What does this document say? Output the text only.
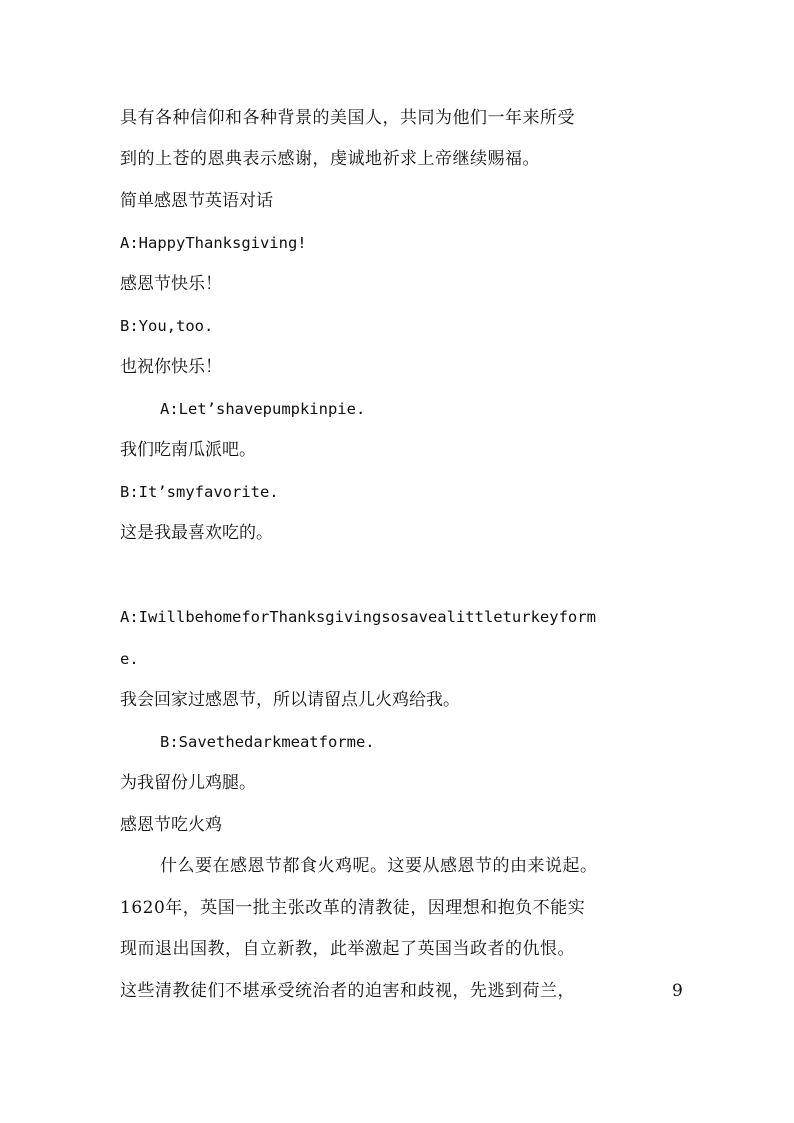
具有各种信仰和各种背景的美国人，共同为他们一年来所受
到的上苍的恩典表示感谢，虔诚地祈求上帝继续赐福。
简单感恩节英语对话
A:HappyThanksgiving!
感恩节快乐！
B:You,too.
也祝你快乐！
A:Let’shavepumpkinpie.
我们吃南瓜派吧。
B:It’smyfavorite.
这是我最喜欢吃的。
A:IwillbehomeforThanksgivingsosavealittleturkeyform
e.
我会回家过感恩节，所以请留点儿火鸡给我。
B:Savethedarkmeatforme.
为我留份儿鸡腿。
感恩节吃火鸡
什么要在感恩节都食火鸡呢。这要从感恩节的由来说起。
1620年，英国一批主张改革的清教徒，因理想和抱负不能实
现而退出国教，自立新教，此举激起了英国当政者的仇恨。
这些清教徒们不堪承受统治者的迫害和歧视，先逃到荷兰，	9
